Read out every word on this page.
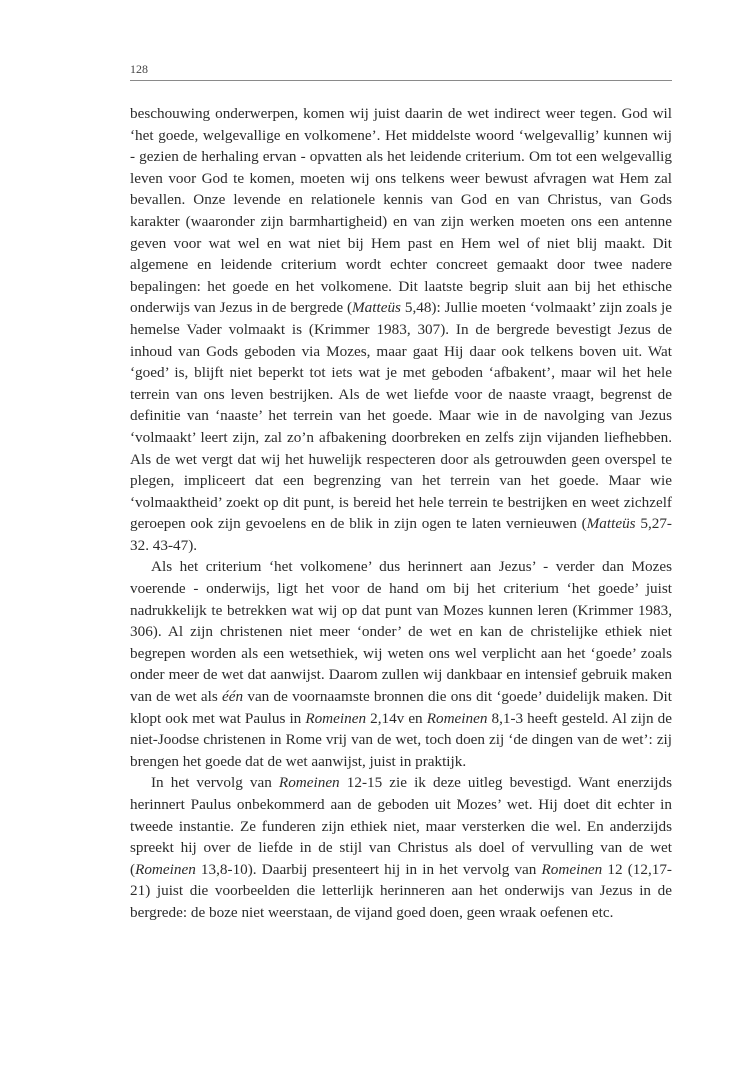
128

beschouwing onderwerpen, komen wij juist daarin de wet indirect weer tegen. God wil ‘het goede, welgevallige en volkomene’. Het middelste woord ‘welgevallig’ kunnen wij - gezien de herhaling ervan - opvatten als het leidende criterium. Om tot een welgevallig leven voor God te komen, moeten wij ons telkens weer bewust afvragen wat Hem zal bevallen. Onze levende en relationele kennis van God en van Christus, van Gods karakter (waaronder zijn barmhartigheid) en van zijn werken moeten ons een antenne geven voor wat wel en wat niet bij Hem past en Hem wel of niet blij maakt. Dit algemene en leidende criterium wordt echter concreet gemaakt door twee nadere bepalingen: het goede en het volkomene. Dit laatste begrip sluit aan bij het ethische onderwijs van Jezus in de bergrede (Matteüs 5,48): Jullie moeten ‘volmaakt’ zijn zoals je hemelse Vader volmaakt is (Krimmer 1983, 307). In de bergrede bevestigt Jezus de inhoud van Gods geboden via Mozes, maar gaat Hij daar ook telkens boven uit. Wat ‘goed’ is, blijft niet beperkt tot iets wat je met geboden ‘afbakent’, maar wil het hele terrein van ons leven bestrijken. Als de wet liefde voor de naaste vraagt, begrenst de definitie van ‘naaste’ het terrein van het goede. Maar wie in de navolging van Jezus ‘volmaakt’ leert zijn, zal zo’n afbakening doorbreken en zelfs zijn vijanden liefhebben. Als de wet vergt dat wij het huwelijk respecteren door als getrouwden geen overspel te plegen, impliceert dat een begrenzing van het terrein van het goede. Maar wie ‘volmaaktheid’ zoekt op dit punt, is bereid het hele terrein te bestrijken en weet zichzelf geroepen ook zijn gevoelens en de blik in zijn ogen te laten vernieuwen (Matteüs 5,27-32. 43-47).

Als het criterium ‘het volkomene’ dus herinnert aan Jezus’ - verder dan Mozes voerende - onderwijs, ligt het voor de hand om bij het criterium ‘het goede’ juist nadrukkelijk te betrekken wat wij op dat punt van Mozes kunnen leren (Krimmer 1983, 306). Al zijn christenen niet meer ‘onder’ de wet en kan de christelijke ethiek niet begrepen worden als een wetsethiek, wij weten ons wel verplicht aan het ‘goede’ zoals onder meer de wet dat aanwijst. Daarom zullen wij dankbaar en intensief gebruik maken van de wet als één van de voornaamste bronnen die ons dit ‘goede’ duidelijk maken. Dit klopt ook met wat Paulus in Romeinen 2,14v en Romeinen 8,1-3 heeft gesteld. Al zijn de niet-Joodse christenen in Rome vrij van de wet, toch doen zij ‘de dingen van de wet’: zij brengen het goede dat de wet aanwijst, juist in praktijk.

In het vervolg van Romeinen 12-15 zie ik deze uitleg bevestigd. Want enerzijds herinnert Paulus onbekommerd aan de geboden uit Mozes’ wet. Hij doet dit echter in tweede instantie. Ze funderen zijn ethiek niet, maar versterken die wel. En anderzijds spreekt hij over de liefde in de stijl van Christus als doel of vervulling van de wet (Romeinen 13,8-10). Daarbij presenteert hij in in het vervolg van Romeinen 12 (12,17-21) juist die voorbeelden die letterlijk herinneren aan het onderwijs van Jezus in de bergrede: de boze niet weerstaan, de vijand goed doen, geen wraak oefenen etc.
